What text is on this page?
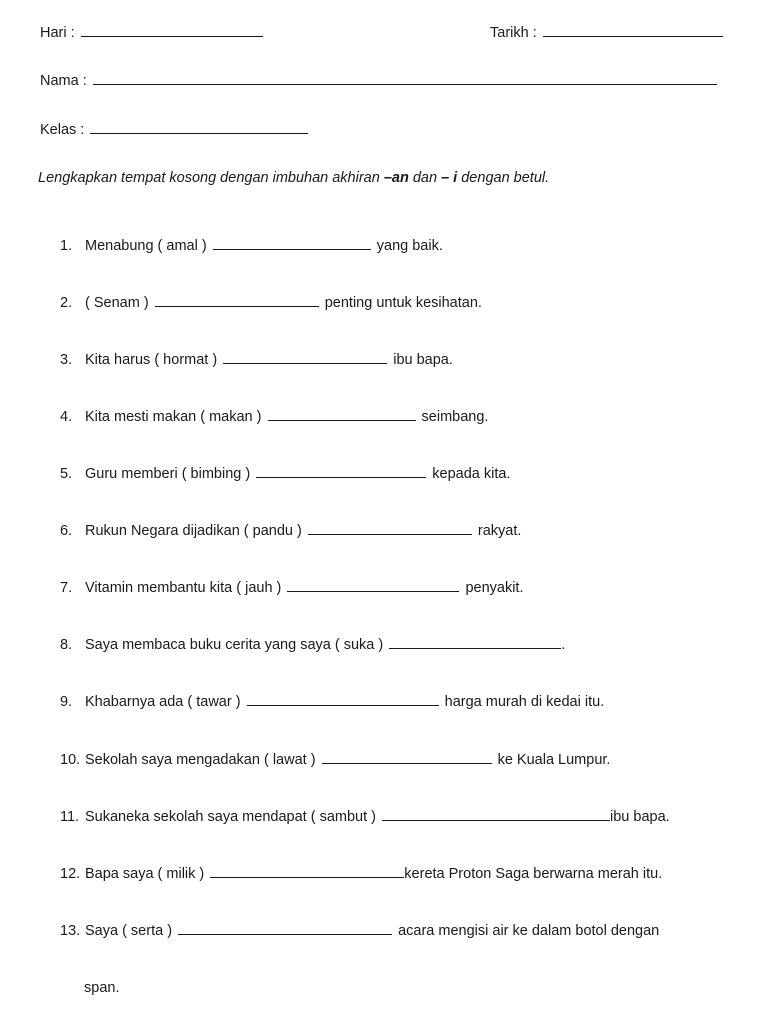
Hari :	Tarikh :
Nama :
Kelas :
Lengkapkan tempat kosong dengan imbuhan akhiran –an dan – i dengan betul.
1. Menabung ( amal )	yang baik.
2. ( Senam )	penting untuk kesihatan.
3. Kita harus ( hormat )	ibu bapa.
4. Kita mesti makan ( makan )	seimbang.
5. Guru memberi ( bimbing )	kepada kita.
6. Rukun Negara dijadikan ( pandu )	rakyat.
7. Vitamin membantu kita ( jauh )	penyakit.
8. Saya membaca buku cerita yang saya ( suka )	.
9. Khabarnya ada ( tawar )	harga murah di kedai itu.
10. Sekolah saya mengadakan ( lawat )	ke Kuala Lumpur.
11. Sukaneka sekolah saya mendapat ( sambut )	ibu bapa.
12. Bapa saya ( milik )	kereta Proton Saga berwarna merah itu.
13. Saya ( serta )	acara mengisi air ke dalam botol dengan
span.
